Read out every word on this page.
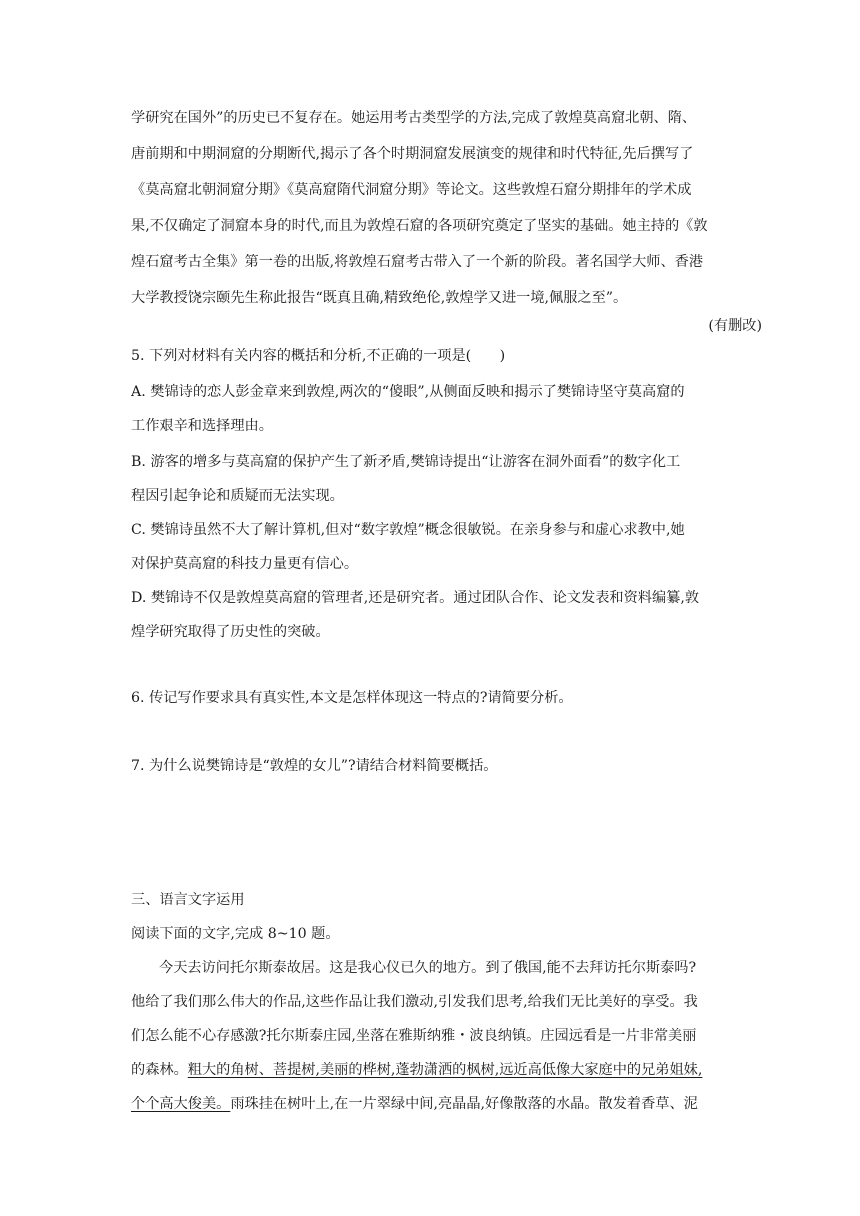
学研究在国外”的历史已不复存在。她运用考古类型学的方法,完成了敦煌莫高窟北朝、隋、
唐前期和中期洞窟的分期断代,揭示了各个时期洞窟发展演变的规律和时代特征,先后撰写了
《莫高窟北朝洞窟分期》《莫高窟隋代洞窟分期》等论文。这些敦煌石窟分期排年的学术成
果,不仅确定了洞窟本身的时代,而且为敦煌石窟的各项研究奠定了坚实的基础。她主持的《敦
煌石窟考古全集》第一卷的出版,将敦煌石窟考古带入了一个新的阶段。著名国学大师、香港
大学教授饶宗颐先生称此报告“既真且确,精致绝伦,敦煌学又进一境,佩服之至”。
(有删改)
5. 下列对材料有关内容的概括和分析,不正确的一项是(　　)
A. 樊锦诗的恋人彭金章来到敦煌,两次的“傻眼”,从侧面反映和揭示了樊锦诗坚守莫高窟的
工作艰辛和选择理由。
B. 游客的增多与莫高窟的保护产生了新矛盾,樊锦诗提出“让游客在洞外面看”的数字化工
程因引起争论和质疑而无法实现。
C. 樊锦诗虽然不大了解计算机,但对“数字敦煌”概念很敏锐。在亲身参与和虚心求教中,她
对保护莫高窟的科技力量更有信心。
D. 樊锦诗不仅是敦煌莫高窟的管理者,还是研究者。通过团队合作、论文发表和资料编纂,敦
煌学研究取得了历史性的突破。
6. 传记写作要求具有真实性,本文是怎样体现这一特点的?请简要分析。
7. 为什么说樊锦诗是“敦煌的女儿”?请结合材料简要概括。
三、语言文字运用
阅读下面的文字,完成 8~10 题。
今天去访问托尔斯泰故居。这是我心仪已久的地方。到了俄国,能不去拜访托尔斯泰吗?
他给了我们那么伟大的作品,这些作品让我们激动,引发我们思考,给我们无比美好的享受。我
们怎么能不心存感激?托尔斯泰庄园,坐落在雅斯纳雅・波良纳镇。庄园远看是一片非常美丽
的森林。粗大的角树、菩提树,美丽的桦树,蓬勃潇洒的枫树,远近高低像大家庭中的兄弟姐妹,
个个高大俊美。雨珠挂在树叶上,在一片翠绿中间,亮晶晶,好像散落的水晶。散发着香草、泥
